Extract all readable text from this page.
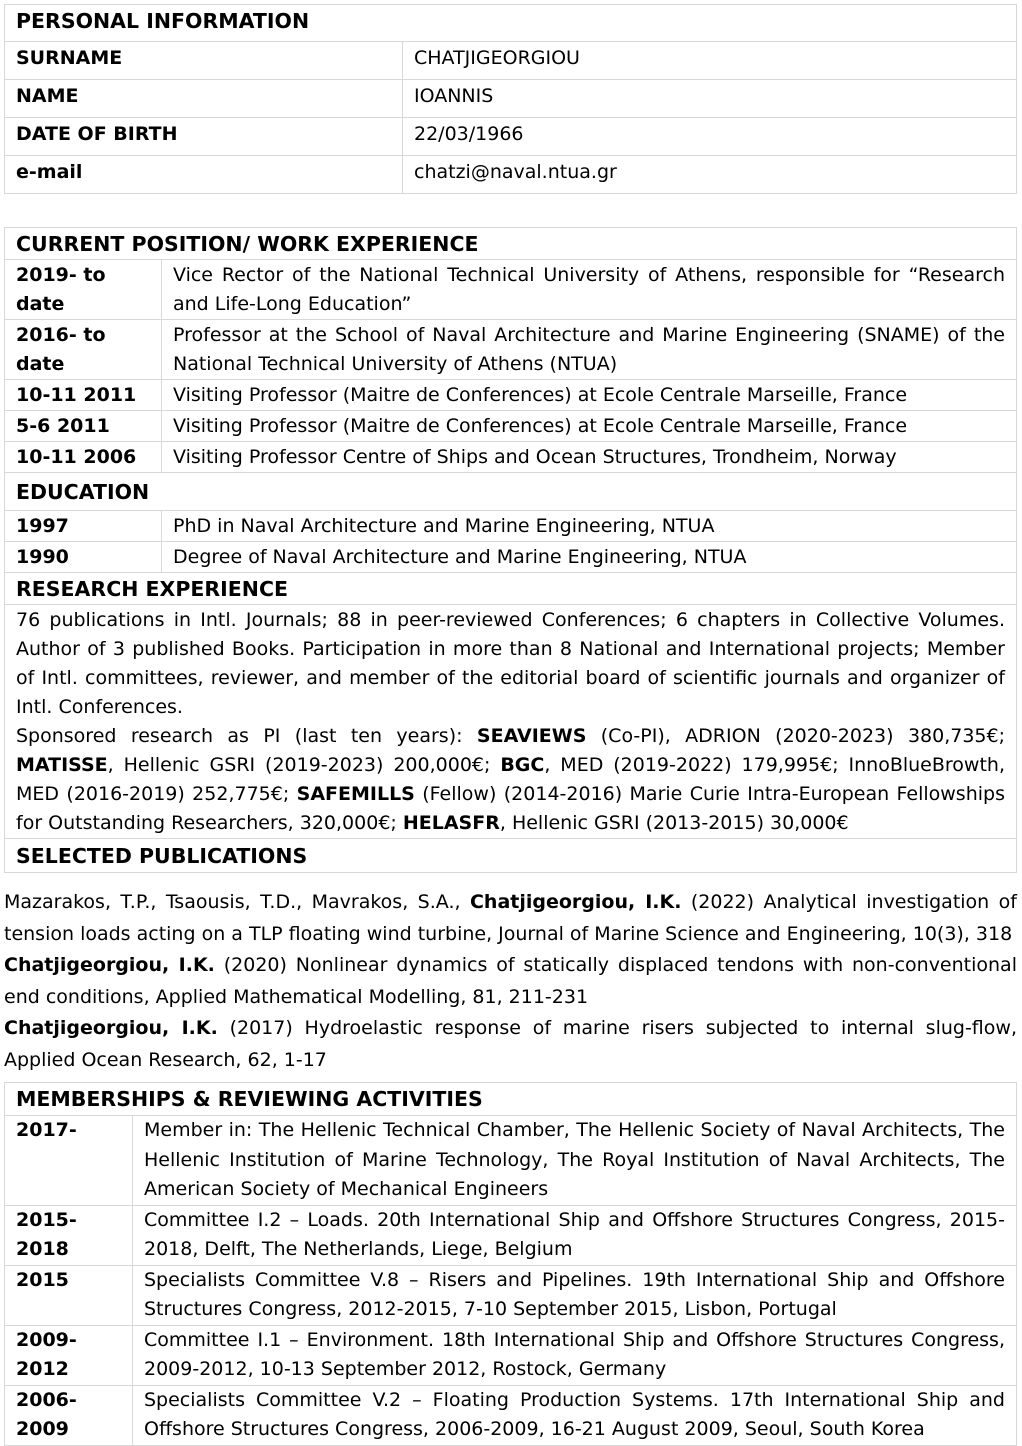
PERSONAL INFORMATION	
SURNAME	CHATJIGEORGIOU
NAME	IOANNIS
DATE OF BIRTH	22/03/1966
e-mail	chatzi@naval.ntua.gr
CURRENT POSITION/ WORK EXPERIENCE	
2019- to date	Vice Rector of the National Technical University of Athens, responsible for “Research and Life-Long Education”
2016- to date	Professor at the School of Naval Architecture and Marine Engineering (SNAME) of the National Technical University of Athens (NTUA)
10-11 2011	Visiting Professor (Maitre de Conferences) at Ecole Centrale Marseille, France
5-6 2011	Visiting Professor (Maitre de Conferences) at Ecole Centrale Marseille, France
10-11 2006	Visiting Professor Centre of Ships and Ocean Structures, Trondheim, Norway
EDUCATION	
1997	PhD in Naval Architecture and Marine Engineering, NTUA
1990	Degree of Naval Architecture and Marine Engineering, NTUA
RESEARCH EXPERIENCE	

76 publications in Intl. Journals; 88 in peer-reviewed Conferences; 6 chapters in Collective Volumes. Author of 3 published Books. Participation in more than 8 National and International projects; Member of Intl. committees, reviewer, and member of the editorial board of scientific journals and organizer of Intl. Conferences.
Sponsored research as PI (last ten years): SEAVIEWS (Co-PI), ADRION (2020-2023) 380,735€; MATISSE, Hellenic GSRI (2019-2023) 200,000€; BGC, MED (2019-2022) 179,995€; InnoBlueBrowth, MED (2016-2019) 252,775€; SAFEMILLS (Fellow) (2014-2016) Marie Curie Intra-European Fellowships for Outstanding Researchers, 320,000€; HELASFR, Hellenic GSRI (2013-2015) 30,000€	

SELECTED PUBLICATIONS	

Mazarakos, T.P., Tsaousis, T.D., Mavrakos, S.A., Chatjigeorgiou, I.K. (2022) Analytical investigation of tension loads acting on a TLP floating wind turbine, Journal of Marine Science and Engineering, 10(3), 318

Chatjigeorgiou, I.K. (2020) Nonlinear dynamics of statically displaced tendons with non-conventional end conditions, Applied Mathematical Modelling, 81, 211-231

Chatjigeorgiou, I.K. (2017) Hydroelastic response of marine risers subjected to internal slug-flow, Applied Ocean Research, 62, 1-17

MEMBERSHIPS & REVIEWING ACTIVITIES	
2017-	Member in: The Hellenic Technical Chamber, The Hellenic Society of Naval Architects, The Hellenic Institution of Marine Technology, The Royal Institution of Naval Architects, The American Society of Mechanical Engineers
2015-2018	Committee I.2 – Loads. 20th International Ship and Offshore Structures Congress, 2015-2018, Delft, The Netherlands, Liege, Belgium
2015	Specialists Committee V.8 – Risers and Pipelines. 19th International Ship and Offshore Structures Congress, 2012-2015, 7-10 September 2015, Lisbon, Portugal
2009-2012	Committee I.1 – Environment. 18th International Ship and Offshore Structures Congress, 2009-2012, 10-13 September 2012, Rostock, Germany
2006-2009	Specialists Committee V.2 – Floating Production Systems. 17th International Ship and Offshore Structures Congress, 2006-2009, 16-21 August 2009, Seoul, South Korea
